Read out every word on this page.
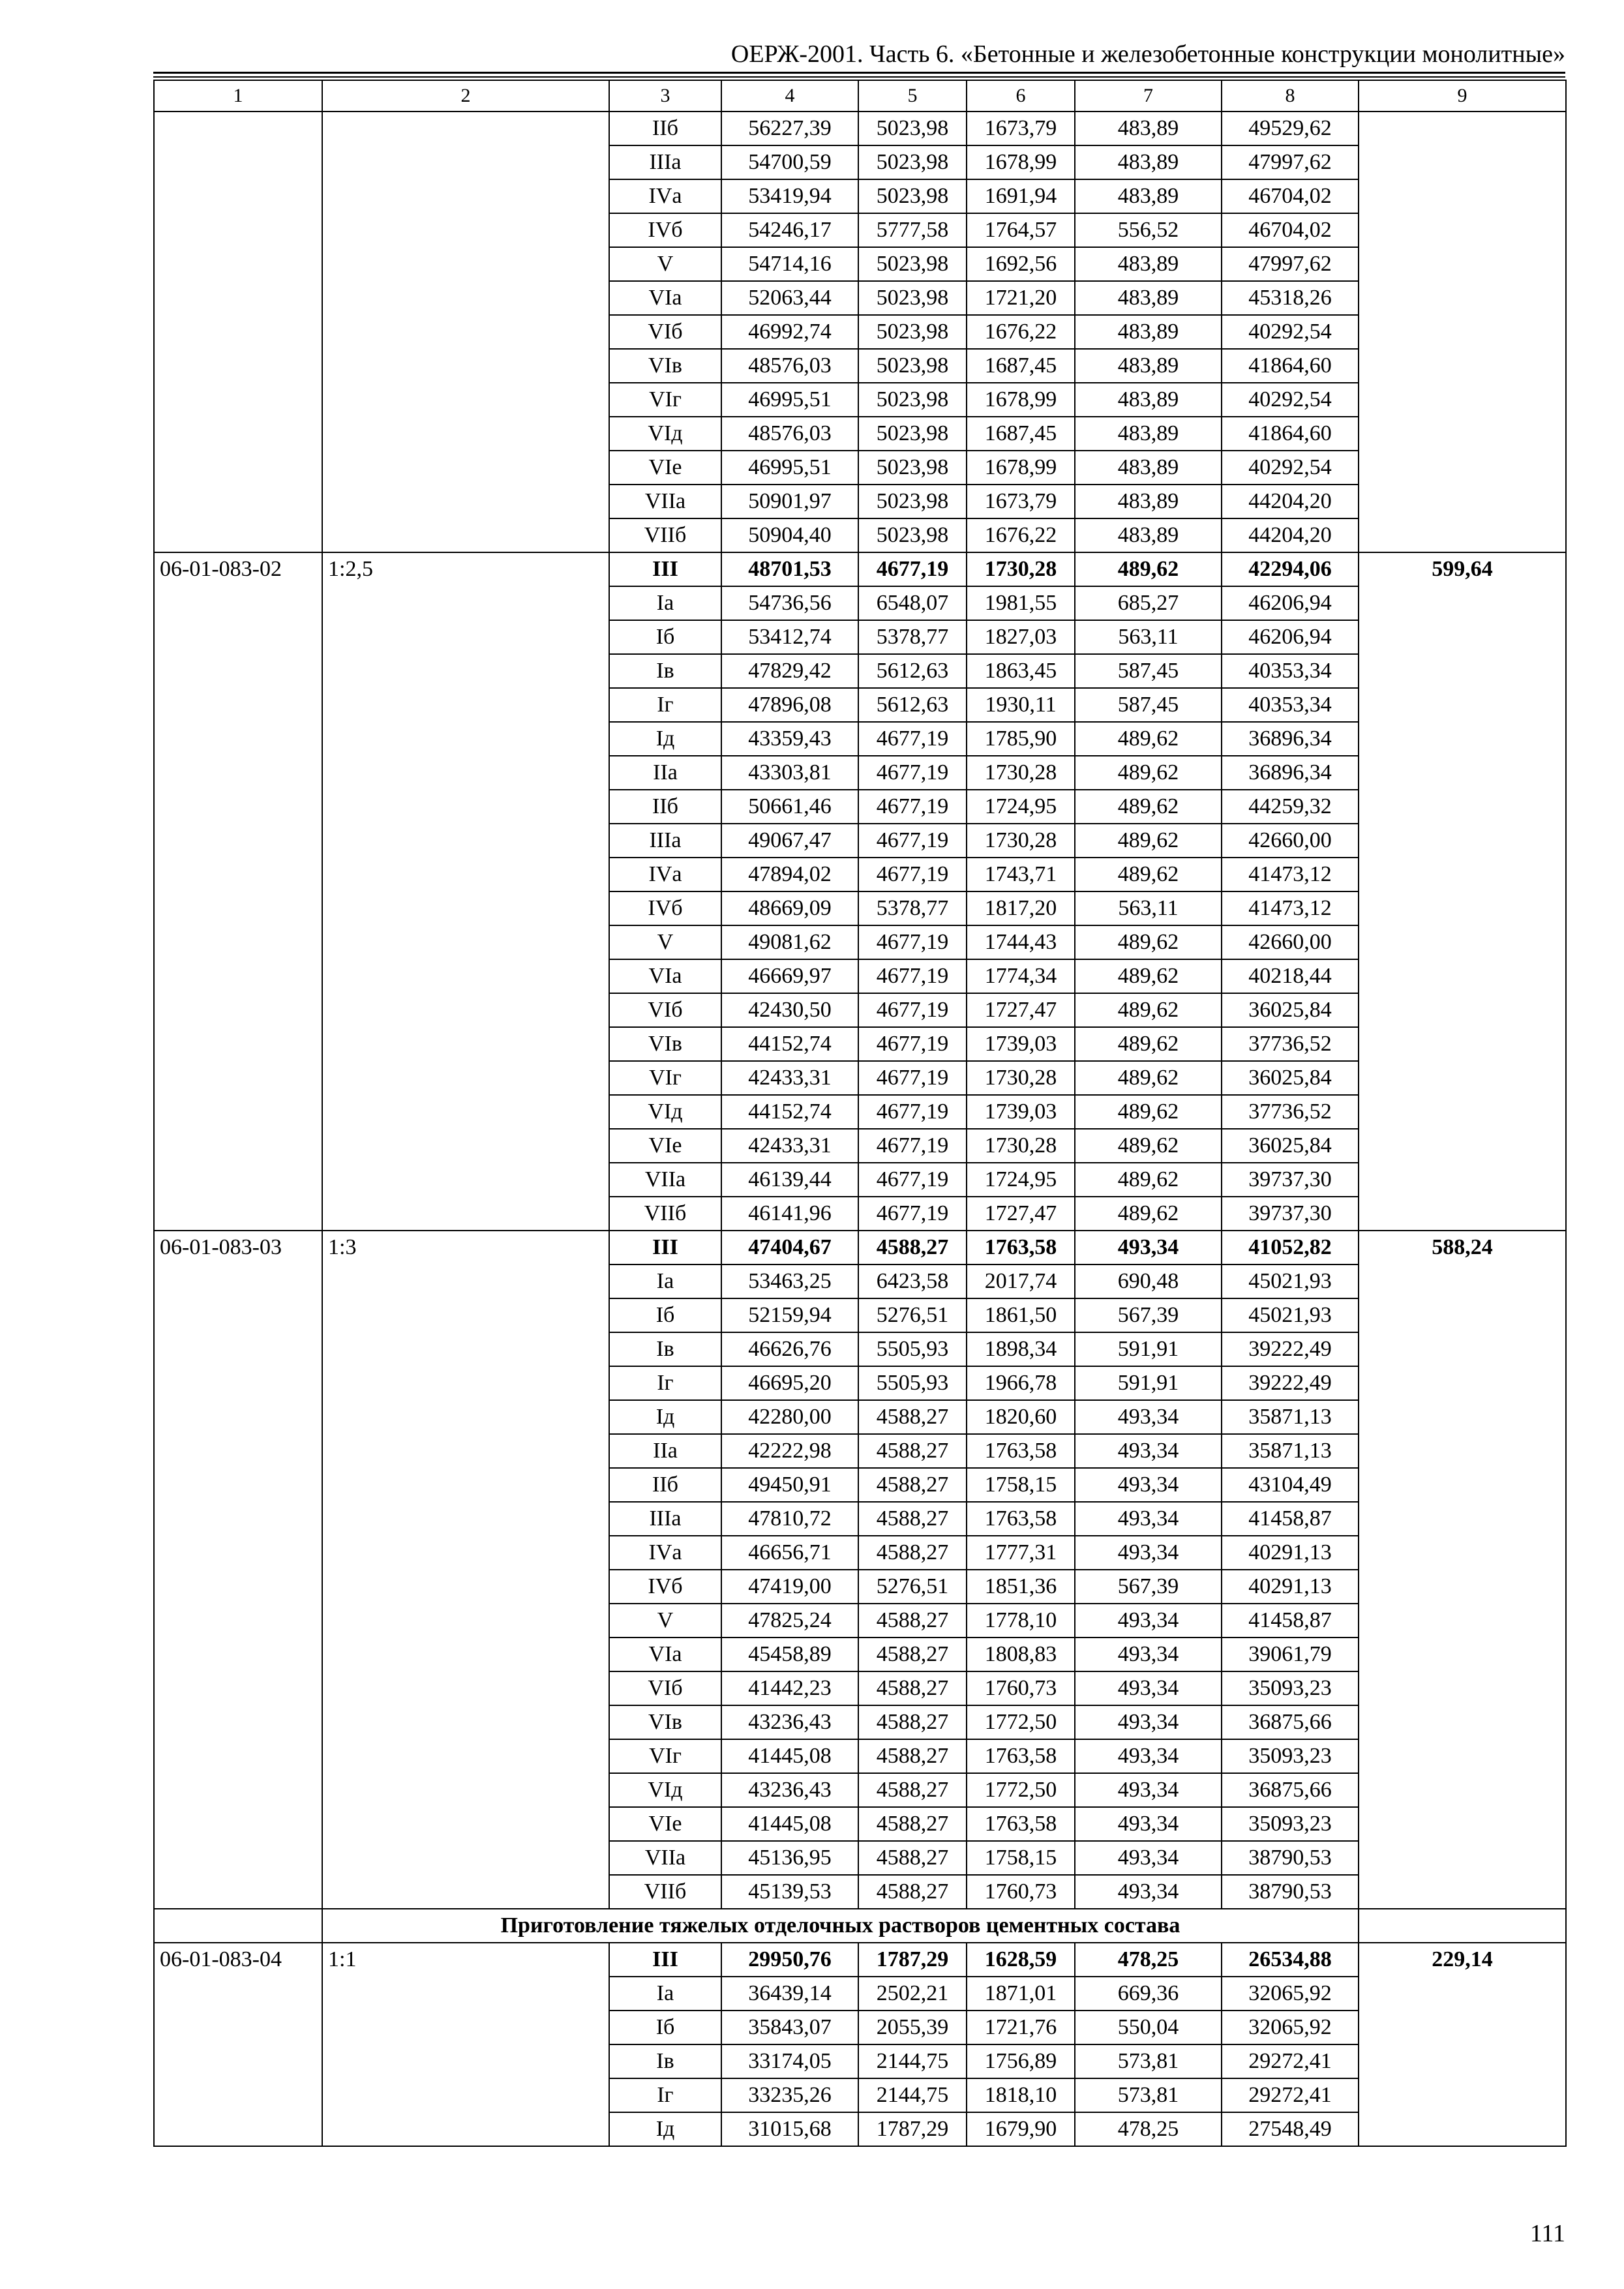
ОЕРЖ-2001. Часть 6. «Бетонные и железобетонные конструкции монолитные»
1	2	3	4	5	6	7	8	9
		IIб	56227,39	5023,98	1673,79	483,89	49529,62	
		IIIа	54700,59	5023,98	1678,99	483,89	47997,62	
		IVа	53419,94	5023,98	1691,94	483,89	46704,02	
		IVб	54246,17	5777,58	1764,57	556,52	46704,02	
		V	54714,16	5023,98	1692,56	483,89	47997,62	
		VIа	52063,44	5023,98	1721,20	483,89	45318,26	
		VIб	46992,74	5023,98	1676,22	483,89	40292,54	
		VIв	48576,03	5023,98	1687,45	483,89	41864,60	
		VIг	46995,51	5023,98	1678,99	483,89	40292,54	
		VIд	48576,03	5023,98	1687,45	483,89	41864,60	
		VIе	46995,51	5023,98	1678,99	483,89	40292,54	
		VIIа	50901,97	5023,98	1673,79	483,89	44204,20	
		VIIб	50904,40	5023,98	1676,22	483,89	44204,20	
06-01-083-02	1:2,5	III	48701,53	4677,19	1730,28	489,62	42294,06	599,64
		Iа	54736,56	6548,07	1981,55	685,27	46206,94	
		Iб	53412,74	5378,77	1827,03	563,11	46206,94	
		Iв	47829,42	5612,63	1863,45	587,45	40353,34	
		Iг	47896,08	5612,63	1930,11	587,45	40353,34	
		Iд	43359,43	4677,19	1785,90	489,62	36896,34	
		IIа	43303,81	4677,19	1730,28	489,62	36896,34	
		IIб	50661,46	4677,19	1724,95	489,62	44259,32	
		IIIа	49067,47	4677,19	1730,28	489,62	42660,00	
		IVа	47894,02	4677,19	1743,71	489,62	41473,12	
		IVб	48669,09	5378,77	1817,20	563,11	41473,12	
		V	49081,62	4677,19	1744,43	489,62	42660,00	
		VIа	46669,97	4677,19	1774,34	489,62	40218,44	
		VIб	42430,50	4677,19	1727,47	489,62	36025,84	
		VIв	44152,74	4677,19	1739,03	489,62	37736,52	
		VIг	42433,31	4677,19	1730,28	489,62	36025,84	
		VIд	44152,74	4677,19	1739,03	489,62	37736,52	
		VIе	42433,31	4677,19	1730,28	489,62	36025,84	
		VIIа	46139,44	4677,19	1724,95	489,62	39737,30	
		VIIб	46141,96	4677,19	1727,47	489,62	39737,30	
06-01-083-03	1:3	III	47404,67	4588,27	1763,58	493,34	41052,82	588,24
		Iа	53463,25	6423,58	2017,74	690,48	45021,93	
		Iб	52159,94	5276,51	1861,50	567,39	45021,93	
		Iв	46626,76	5505,93	1898,34	591,91	39222,49	
		Iг	46695,20	5505,93	1966,78	591,91	39222,49	
		Iд	42280,00	4588,27	1820,60	493,34	35871,13	
		IIа	42222,98	4588,27	1763,58	493,34	35871,13	
		IIб	49450,91	4588,27	1758,15	493,34	43104,49	
		IIIа	47810,72	4588,27	1763,58	493,34	41458,87	
		IVа	46656,71	4588,27	1777,31	493,34	40291,13	
		IVб	47419,00	5276,51	1851,36	567,39	40291,13	
		V	47825,24	4588,27	1778,10	493,34	41458,87	
		VIа	45458,89	4588,27	1808,83	493,34	39061,79	
		VIб	41442,23	4588,27	1760,73	493,34	35093,23	
		VIв	43236,43	4588,27	1772,50	493,34	36875,66	
		VIг	41445,08	4588,27	1763,58	493,34	35093,23	
		VIд	43236,43	4588,27	1772,50	493,34	36875,66	
		VIе	41445,08	4588,27	1763,58	493,34	35093,23	
		VIIа	45136,95	4588,27	1758,15	493,34	38790,53	
		VIIб	45139,53	4588,27	1760,73	493,34	38790,53	
	Приготовление тяжелых отделочных растворов цементных состава							
06-01-083-04	1:1	III	29950,76	1787,29	1628,59	478,25	26534,88	229,14
		Iа	36439,14	2502,21	1871,01	669,36	32065,92	
		Iб	35843,07	2055,39	1721,76	550,04	32065,92	
		Iв	33174,05	2144,75	1756,89	573,81	29272,41	
		Iг	33235,26	2144,75	1818,10	573,81	29272,41	
		Iд	31015,68	1787,29	1679,90	478,25	27548,49	
111
